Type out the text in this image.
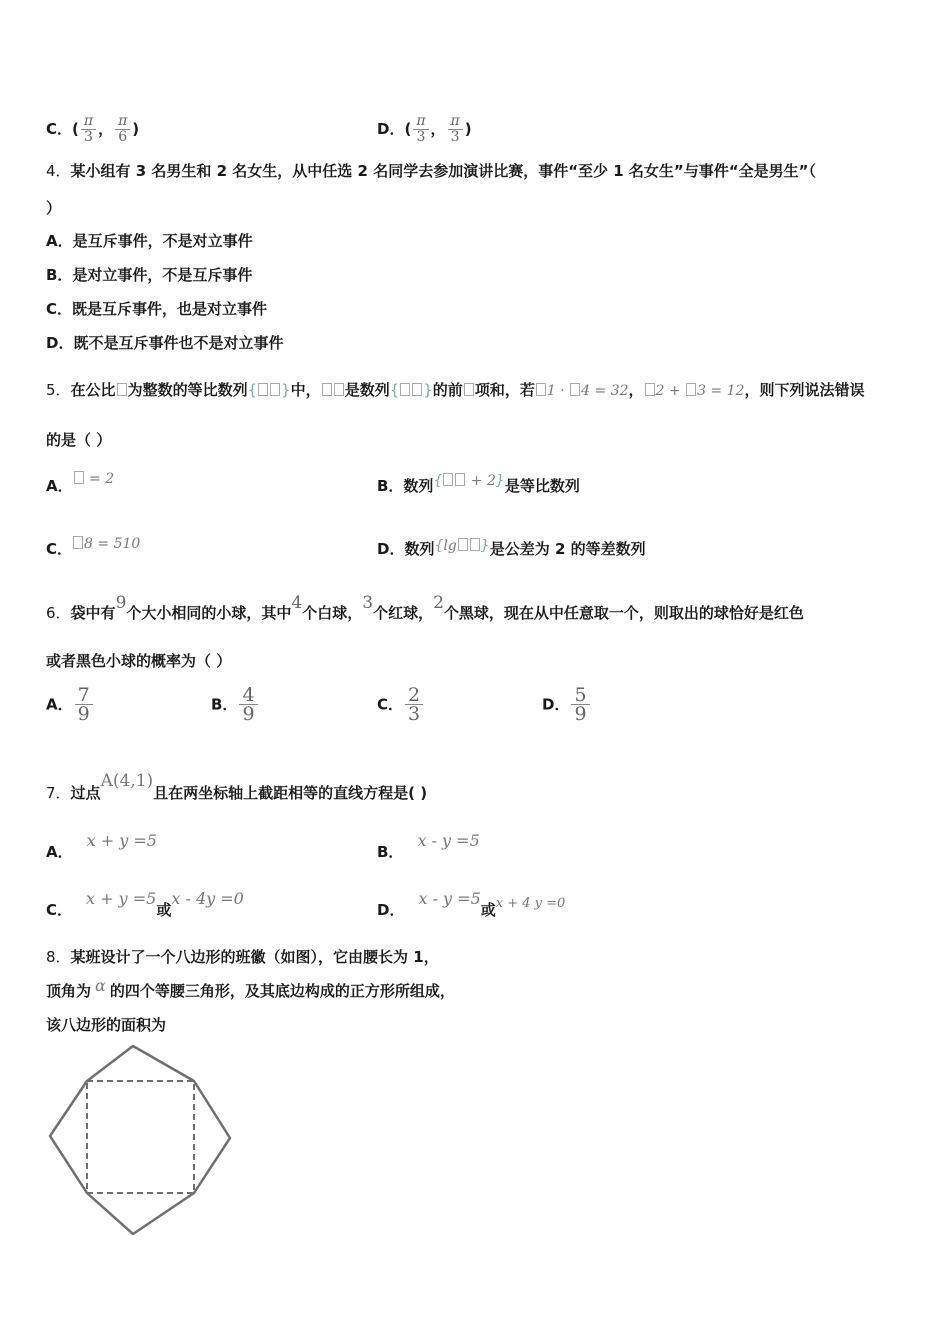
C．( $\frac{\pi}{3}$ ， $\frac{\pi}{6}$ )	D．( $\frac{\pi}{3}$ ， $\frac{\pi}{3}$ )
4．某小组有 3 名男生和 2 名女生，从中任选 2 名同学去参加演讲比赛，事件“至少 1 名女生”与事件“全是男生”（
）
A．是互斥事件，不是对立事件
B．是对立事件，不是互斥事件
C．既是互斥事件，也是对立事件
D．既不是互斥事件也不是对立事件
5．在公比 为整数的等比数列{ }中， 是数列{ }的前 项和，若 1 · 4 = 32， 2 + 3 = 12，则下列说法错误
的是（ ）
A． = 2	B．数列{ + 2}是等比数列
C． 8 = 510	D．数列{lg }是公差为 2 的等差数列
6．袋中有9个大小相同的小球，其中4个白球，3个红球，2个黑球，现在从中任意取一个，则取出的球恰好是红色
或者黑色小球的概率为（ ）
A． $\frac{7}{9}$	B． $\frac{4}{9}$	C． $\frac{2}{3}$	D． $\frac{5}{9}$
7．过点A(4,1)且在两坐标轴上截距相等的直线方程是( )
A．x + y =5
B．x - y =5
C．x + y =5或x - 4y =0
D．x - y =5或x + 4 y =0
8．某班设计了一个八边形的班徽（如图），它由腰长为 1，
顶角为 α 的四个等腰三角形，及其底边构成的正方形所组成，
该八边形的面积为
